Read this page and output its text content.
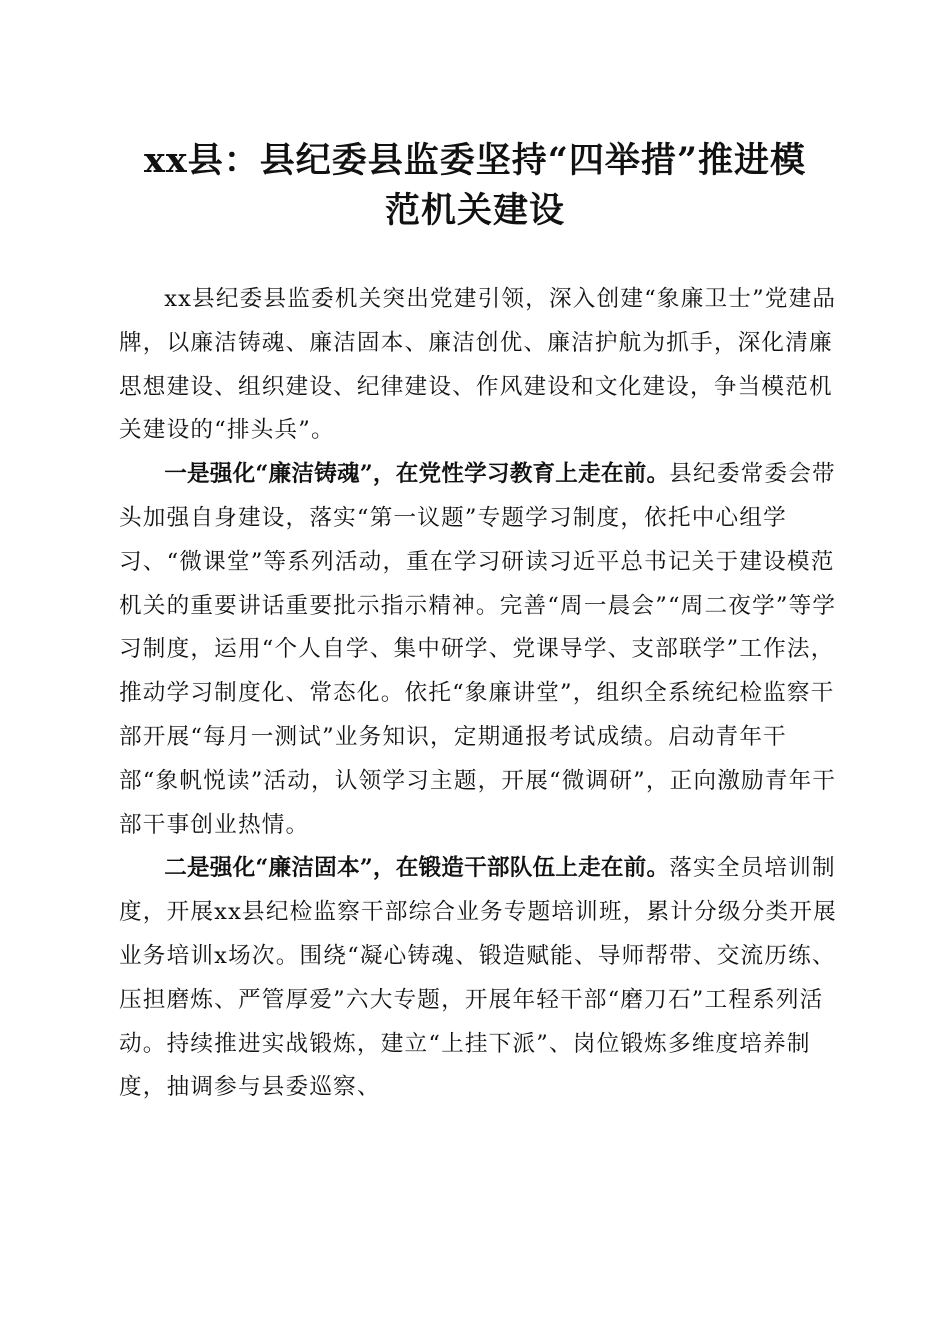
xx县：县纪委县监委坚持“四举措”推进模
范机关建设

xx县纪委县监委机关突出党建引领，深入创建“象廉卫士”党建品牌，以廉洁铸魂、廉洁固本、廉洁创优、廉洁护航为抓手，深化清廉思想建设、组织建设、纪律建设、作风建设和文化建设，争当模范机关建设的“排头兵”。

一是强化“廉洁铸魂”，在党性学习教育上走在前。县纪委常委会带头加强自身建设，落实“第一议题”专题学习制度，依托中心组学习、“微课堂”等系列活动，重在学习研读习近平总书记关于建设模范机关的重要讲话重要批示指示精神。完善“周一晨会”“周二夜学”等学习制度，运用“个人自学、集中研学、党课导学、支部联学”工作法，推动学习制度化、常态化。依托“象廉讲堂”，组织全系统纪检监察干部开展“每月一测试”业务知识，定期通报考试成绩。启动青年干部“象帆悦读”活动，认领学习主题，开展“微调研”，正向激励青年干部干事创业热情。

二是强化“廉洁固本”，在锻造干部队伍上走在前。落实全员培训制度，开展xx县纪检监察干部综合业务专题培训班，累计分级分类开展业务培训x场次。围绕“凝心铸魂、锻造赋能、导师帮带、交流历练、压担磨炼、严管厚爱”六大专题，开展年轻干部“磨刀石”工程系列活动。持续推进实战锻炼，建立“上挂下派”、岗位锻炼多维度培养制度，抽调参与县委巡察、
